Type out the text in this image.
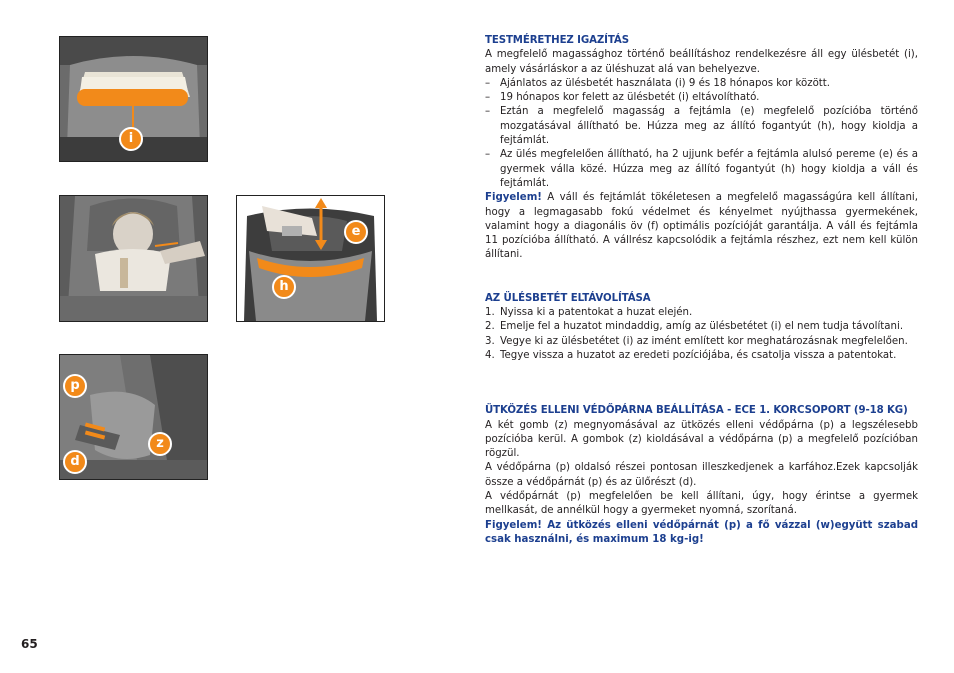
i
e
h
p
z
d
TESTMÉRETHEZ IGAZÍTÁS
A megfelelő magassághoz történő beállításhoz rendelkezésre áll egy ülésbetét (i), amely vásárláskor a az üléshuzat alá van behelyezve.
– Ajánlatos az ülésbetét használata (i) 9 és 18 hónapos kor között.
– 19 hónapos kor felett az ülésbetét (i) eltávolítható.
– Eztán a megfelelő magasság a fejtámla (e) megfelelő pozícióba történő mozgatásával állítható be. Húzza meg az állító fogantyút (h), hogy kioldja a fejtámlát.
– Az ülés megfelelően állítható, ha 2 ujjunk befér a fejtámla alulsó pereme (e) és a gyermek válla közé. Húzza meg az állító fogantyút (h) hogy kioldja a váll és fejtámlát.
Figyelem! A váll és fejtámlát tökéletesen a megfelelő magasságúra kell állítani, hogy a legmagasabb fokú védelmet és kényelmet nyújthassa gyermekének, valamint hogy a diagonális öv (f) optimális pozícióját garantálja. A váll és fejtámla 11 pozícióba állítható. A vállrész kapcsolódik a fejtámla részhez, ezt nem kell külön állítani.
AZ ÜLÉSBETÉT ELTÁVOLÍTÁSA
1. Nyissa ki a patentokat a huzat elején.
2. Emelje fel a huzatot mindaddig, amíg az ülésbetétet (i) el nem tudja távolítani.
3. Vegye ki az ülésbetétet (i) az imént említett kor meghatározásnak megfelelően.
4. Tegye vissza a huzatot az eredeti pozíciójába, és csatolja vissza a patentokat.
ÜTKÖZÉS ELLENI VÉDŐPÁRNA BEÁLLÍTÁSA - ECE 1. KORCSOPORT (9-18 KG)
A két gomb (z) megnyomásával az ütközés elleni védőpárna (p) a legszélesebb pozícióba kerül. A gombok (z) kioldásával a védőpárna (p) a megfelelő pozícióban rögzül.
A védőpárna (p) oldalsó részei pontosan illeszkedjenek a karfához.Ezek kapcsolják össze a védőpárnát (p) és az ülőrészt (d).
A védőpárnát (p) megfelelően be kell állítani, úgy, hogy érintse a gyermek mellkasát, de annélkül hogy a gyermeket nyomná, szorítaná.
Figyelem! Az ütközés elleni védőpárnát (p) a fő vázzal (w)együtt szabad csak használni, és maximum 18 kg-ig!
65
